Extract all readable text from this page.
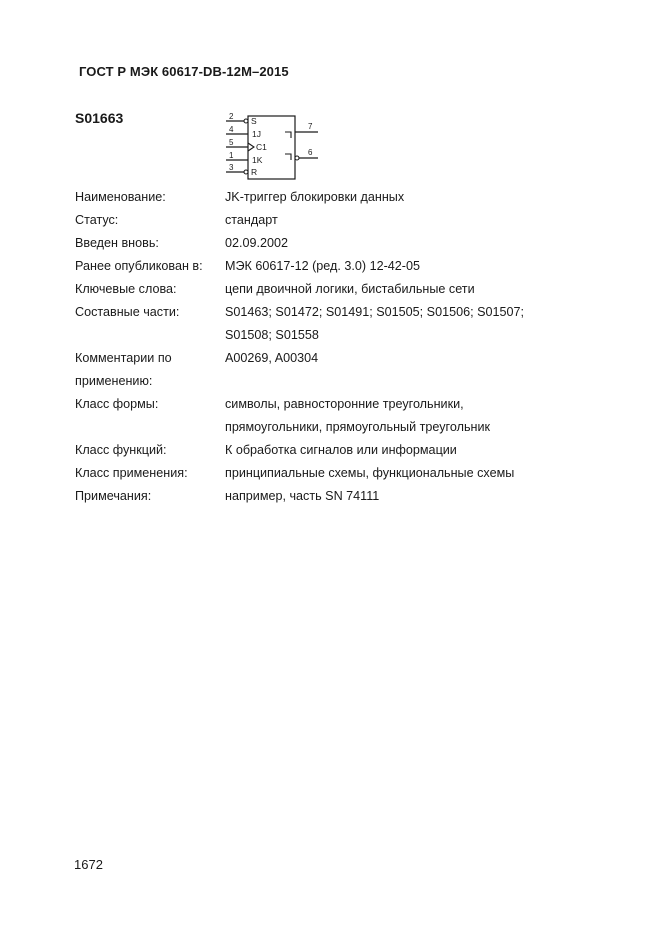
ГОСТ Р МЭК 60617-DB-12M–2015
S01663	2 S
4 1J
5	C1
1 1K
3 R
7
6
Наименование:	JK-триггер блокировки данных
Статус:	стандарт
Введен вновь:	02.09.2002
Ранее опубликован в:	МЭК 60617-12 (ред. 3.0) 12-42-05
Ключевые слова:	цепи двоичной логики, бистабильные сети
Составные части:	S01463; S01472; S01491; S01505; S01506; S01507;
S01508; S01558
Комментарии по
применению:
A00269, A00304
Класс формы:	символы, равносторонние треугольники,
прямоугольники, прямоугольный треугольник
Класс функций:	К обработка сигналов или информации
Класс применения:	принципиальные схемы, функциональные схемы
Примечания:	например, часть SN 74111
1672
